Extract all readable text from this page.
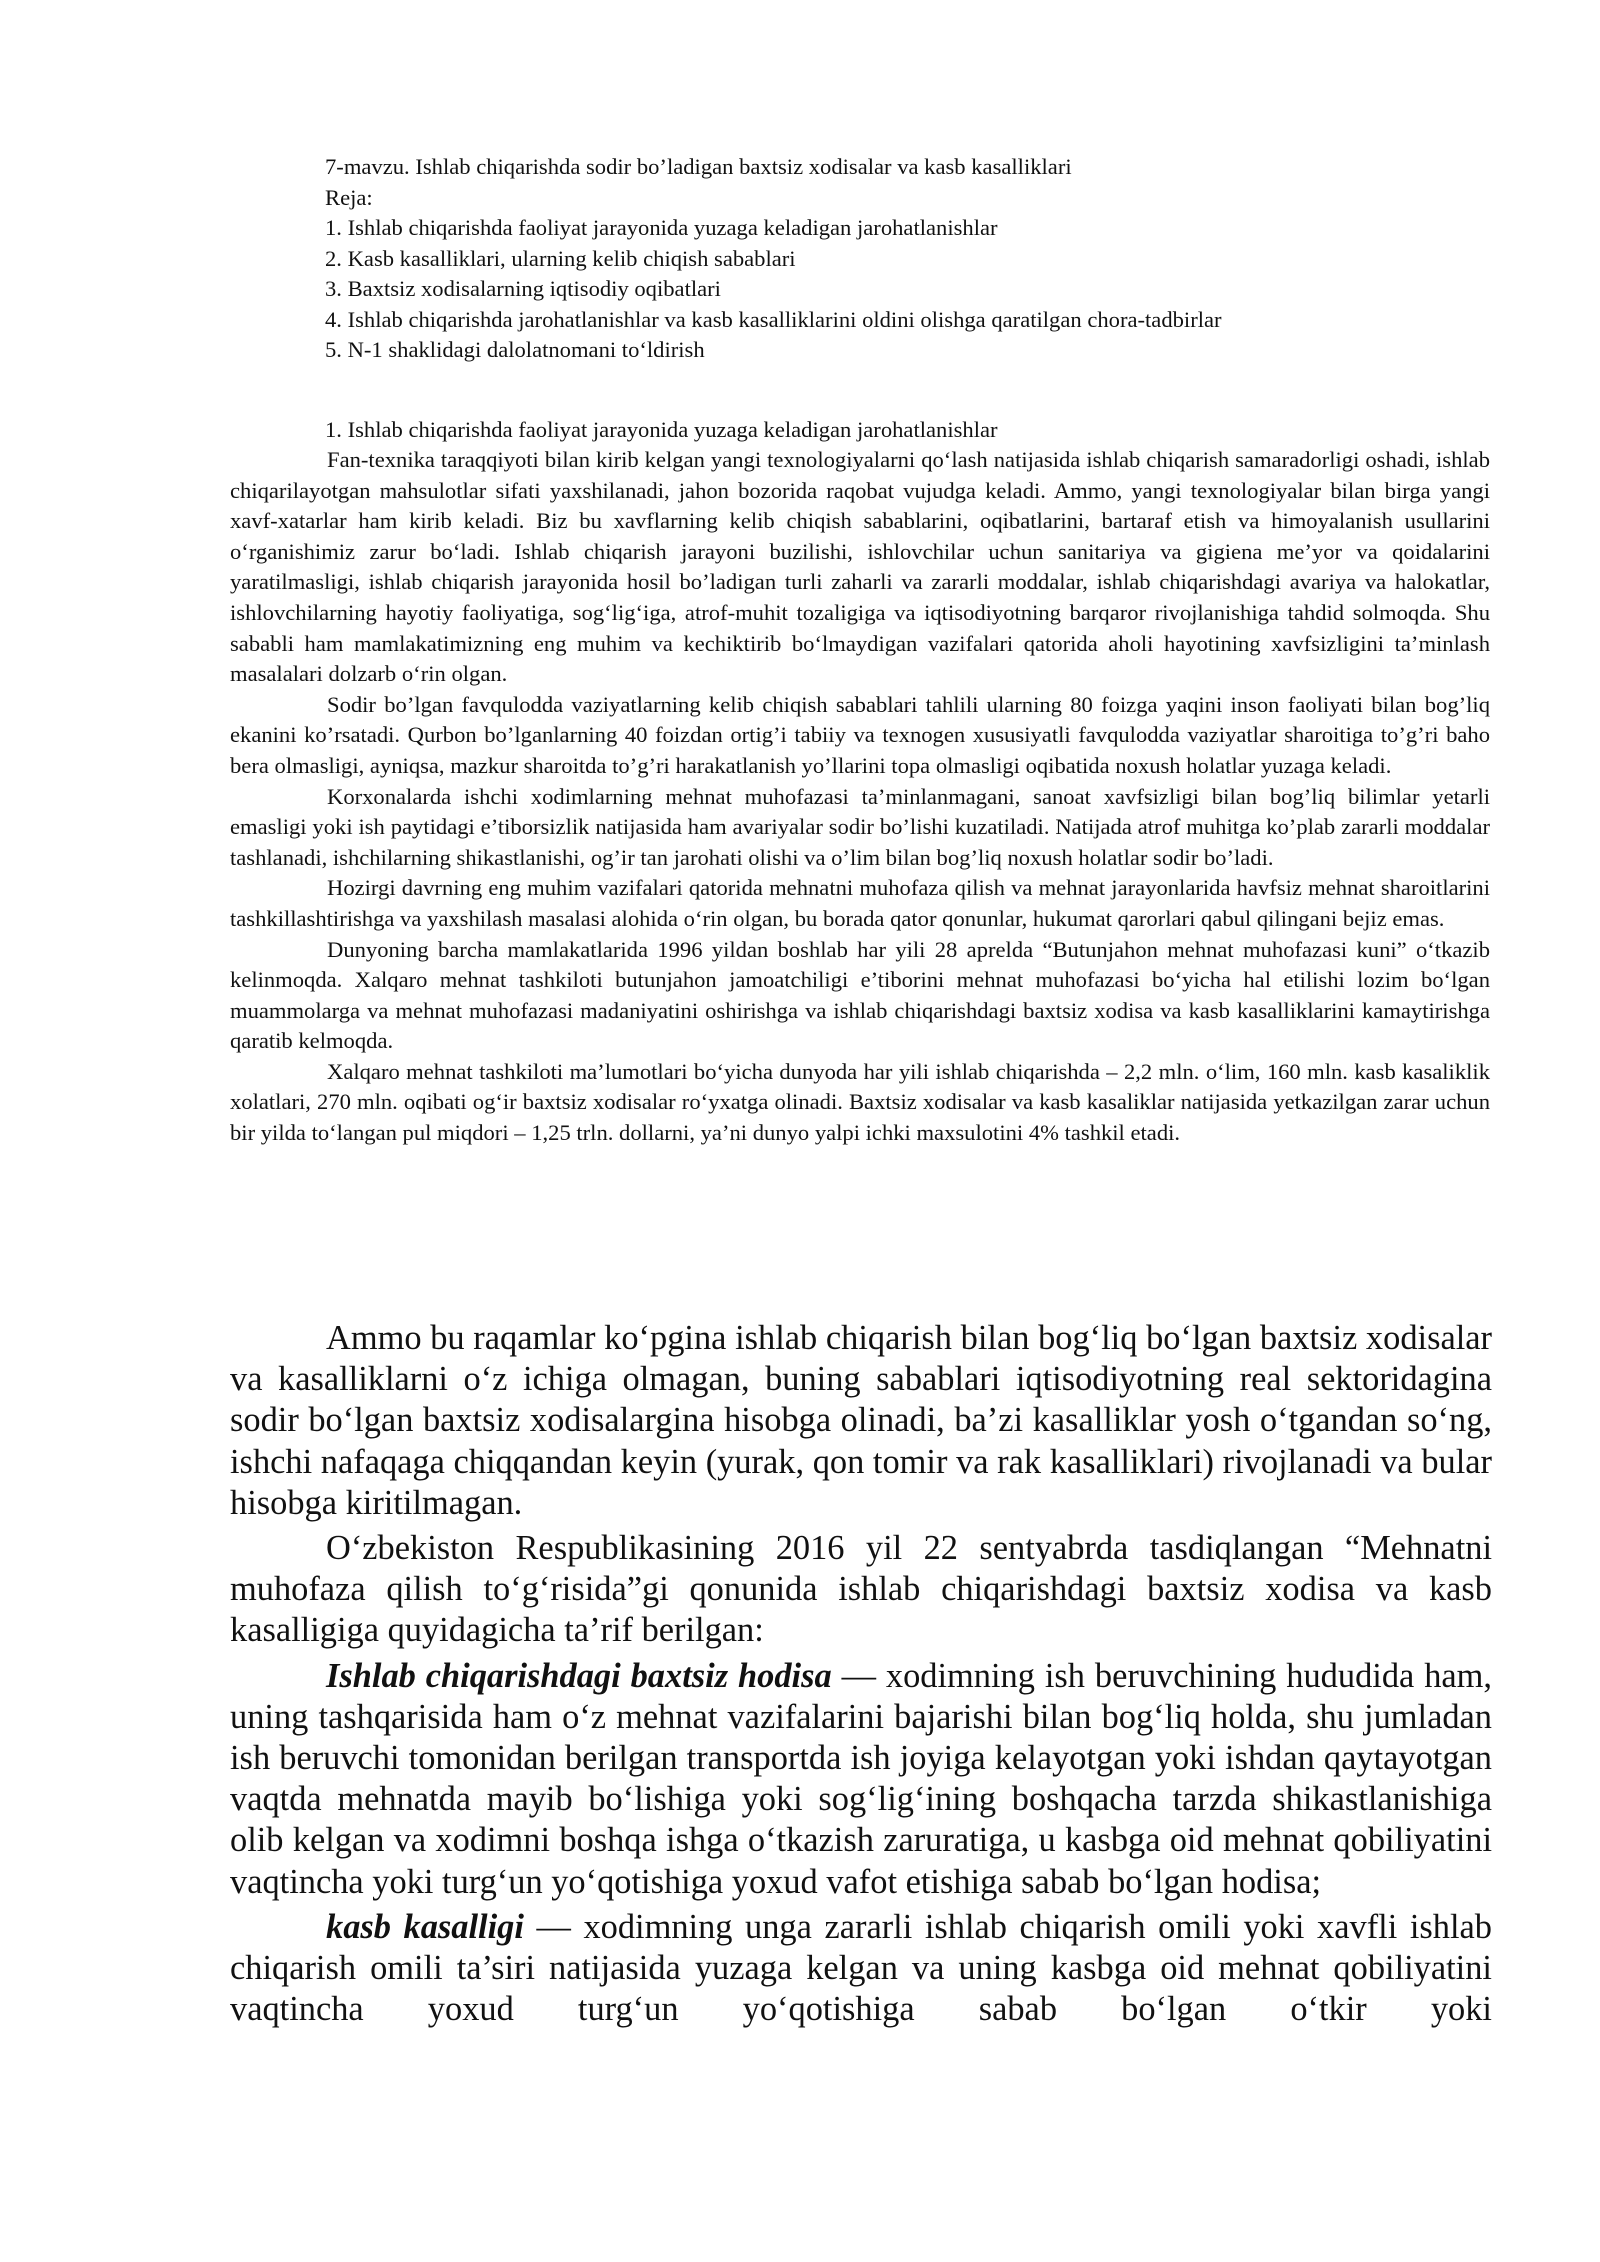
7-mavzu. Ishlab chiqarishda sodir bo’ladigan baxtsiz xodisalar va kasb kasalliklari
Reja:
1. Ishlab chiqarishda faoliyat jarayonida yuzaga keladigan jarohatlanishlar
2. Kasb kasalliklari, ularning kelib chiqish sabablari
3. Baxtsiz xodisalarning iqtisodiy oqibatlari
4. Ishlab chiqarishda jarohatlanishlar va kasb kasalliklarini oldini olishga qaratilgan chora-tadbirlar
5. N-1 shaklidagi dalolatnomani to‘ldirish
1. Ishlab chiqarishda faoliyat jarayonida yuzaga keladigan jarohatlanishlar

Fan-texnika taraqqiyoti bilan kirib kelgan yangi texnologiyalarni qo‘lash natijasida ishlab chiqarish samaradorligi oshadi, ishlab chiqarilayotgan mahsulotlar sifati yaxshilanadi, jahon bozorida raqobat vujudga keladi. Ammo, yangi texnologiyalar bilan birga yangi xavf-xatarlar ham kirib keladi. Biz bu xavflarning kelib chiqish sabablarini, oqibatlarini, bartaraf etish va himoyalanish usullarini o‘rganishimiz zarur bo‘ladi. Ishlab chiqarish jarayoni buzilishi, ishlovchilar uchun sanitariya va gigiena me’yor va qoidalarini yaratilmasligi, ishlab chiqarish jarayonida hosil bo’ladigan turli zaharli va zararli moddalar, ishlab chiqarishdagi avariya va halokatlar, ishlovchilarning hayotiy faoliyatiga, sog‘lig‘iga, atrof-muhit tozaligiga va iqtisodiyotning barqaror rivojlanishiga tahdid solmoqda. Shu sababli ham mamlakatimizning eng muhim va kechiktirib bo‘lmaydigan vazifalari qatorida aholi hayotining xavfsizligini ta’minlash masalalari dolzarb o‘rin olgan.

Sodir bo’lgan favqulodda vaziyatlarning kelib chiqish sabablari tahlili ularning 80 foizga yaqini inson faoliyati bilan bog’liq ekanini ko’rsatadi. Qurbon bo’lganlarning 40 foizdan ortig’i tabiiy va texnogen xususiyatli favqulodda vaziyatlar sharoitiga to’g’ri baho bera olmasligi, ayniqsa, mazkur sharoitda to’g’ri harakatlanish yo’llarini topa olmasligi oqibatida noxush holatlar yuzaga keladi.

Korxonalarda ishchi xodimlarning mehnat muhofazasi ta’minlanmagani, sanoat xavfsizligi bilan bog’liq bilimlar yetarli emasligi yoki ish paytidagi e’tiborsizlik natijasida ham avariyalar sodir bo’lishi kuzatiladi. Natijada atrof muhitga ko’plab zararli moddalar tashlanadi, ishchilarning shikastlanishi, og’ir tan jarohati olishi va o’lim bilan bog’liq noxush holatlar sodir bo’ladi.

Hozirgi davrning eng muhim vazifalari qatorida mehnatni muhofaza qilish va mehnat jarayonlarida havfsiz mehnat sharoitlarini tashkillashtirishga va yaxshilash masalasi alohida o‘rin olgan, bu borada qator qonunlar, hukumat qarorlari qabul qilingani bejiz emas.

Dunyoning barcha mamlakatlarida 1996 yildan boshlab har yili 28 aprelda “Butunjahon mehnat muhofazasi kuni” o‘tkazib kelinmoqda. Xalqaro mehnat tashkiloti butunjahon jamoatchiligi e’tiborini mehnat muhofazasi bo‘yicha hal etilishi lozim bo‘lgan muammolarga va mehnat muhofazasi madaniyatini oshirishga va ishlab chiqarishdagi baxtsiz xodisa va kasb kasalliklarini kamaytirishga qaratib kelmoqda.

Xalqaro mehnat tashkiloti ma’lumotlari bo‘yicha dunyoda har yili ishlab chiqarishda – 2,2 mln. o‘lim, 160 mln. kasb kasaliklik xolatlari, 270 mln. oqibati og‘ir baxtsiz xodisalar ro‘yxatga olinadi. Baxtsiz xodisalar va kasb kasaliklar natijasida yetkazilgan zarar uchun bir yilda to‘langan pul miqdori – 1,25 trln. dollarni, ya’ni dunyo yalpi ichki maxsulotini 4% tashkil etadi.

Ammo bu raqamlar ko‘pgina ishlab chiqarish bilan bog‘liq bo‘lgan baxtsiz xodisalar va kasalliklarni o‘z ichiga olmagan, buning sabablari iqtisodiyotning real sektoridagina sodir bo‘lgan baxtsiz xodisalargina hisobga olinadi, ba’zi kasalliklar yosh o‘tgandan so‘ng, ishchi nafaqaga chiqqandan keyin (yurak, qon tomir va rak kasalliklari) rivojlanadi va bular hisobga kiritilmagan.

O‘zbekiston Respublikasining 2016 yil 22 sentyabrda tasdiqlangan “Mehnatni muhofaza qilish to‘g‘risida”gi qonunida ishlab chiqarishdagi baxtsiz xodisa va kasb kasalligiga quyidagicha ta’rif berilgan:

Ishlab chiqarishdagi baxtsiz hodisa — xodimning ish beruvchining hududida ham, uning tashqarisida ham o‘z mehnat vazifalarini bajarishi bilan bog‘liq holda, shu jumladan ish beruvchi tomonidan berilgan transportda ish joyiga kelayotgan yoki ishdan qaytayotgan vaqtda mehnatda mayib bo‘lishiga yoki sog‘lig‘ining boshqacha tarzda shikastlanishiga olib kelgan va xodimni boshqa ishga o‘tkazish zaruratiga, u kasbga oid mehnat qobiliyatini vaqtincha yoki turg‘un yo‘qotishiga yoxud vafot etishiga sabab bo‘lgan hodisa;

kasb kasalligi — xodimning unga zararli ishlab chiqarish omili yoki xavfli ishlab chiqarish omili ta’siri natijasida yuzaga kelgan va uning kasbga oid mehnat qobiliyatini vaqtincha yoxud turg‘un yo‘qotishiga sabab bo‘lgan o‘tkir yoki
